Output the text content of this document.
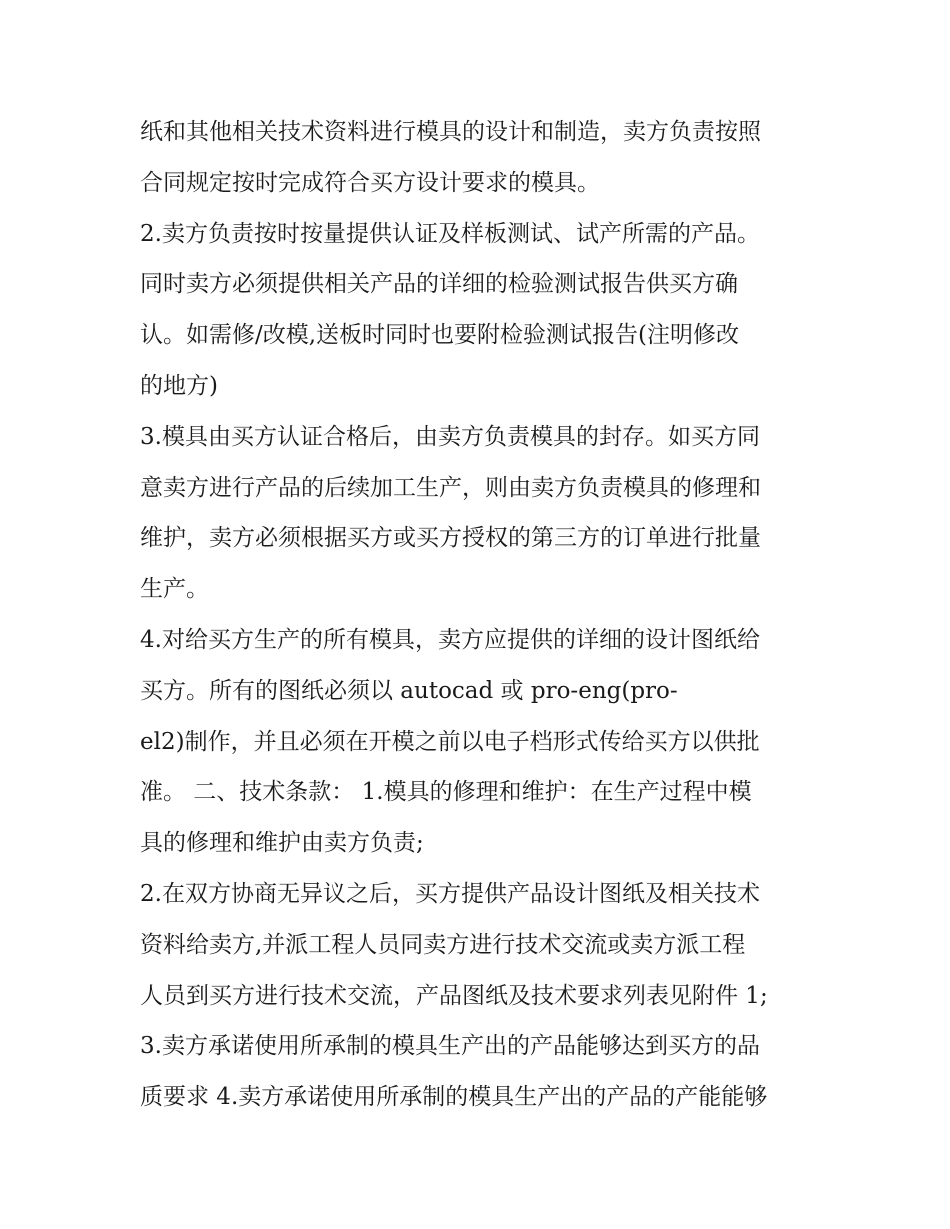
纸和其他相关技术资料进行模具的设计和制造，卖方负责按照
合同规定按时完成符合买方设计要求的模具。
2.卖方负责按时按量提供认证及样板测试、试产所需的产品。
同时卖方必须提供相关产品的详细的检验测试报告供买方确
认。如需修/改模,送板时同时也要附检验测试报告(注明修改
的地方)
3.模具由买方认证合格后，由卖方负责模具的封存。如买方同
意卖方进行产品的后续加工生产，则由卖方负责模具的修理和
维护，卖方必须根据买方或买方授权的第三方的订单进行批量
生产。
4.对给买方生产的所有模具，卖方应提供的详细的设计图纸给
买方。所有的图纸必须以 autocad 或 pro-eng(pro-
el2)制作，并且必须在开模之前以电子档形式传给买方以供批
准。 二、技术条款： 1.模具的修理和维护：在生产过程中模
具的修理和维护由卖方负责;
2.在双方协商无异议之后，买方提供产品设计图纸及相关技术
资料给卖方,并派工程人员同卖方进行技术交流或卖方派工程
人员到买方进行技术交流，产品图纸及技术要求列表见附件 1;
3.卖方承诺使用所承制的模具生产出的产品能够达到买方的品
质要求 4.卖方承诺使用所承制的模具生产出的产品的产能能够
